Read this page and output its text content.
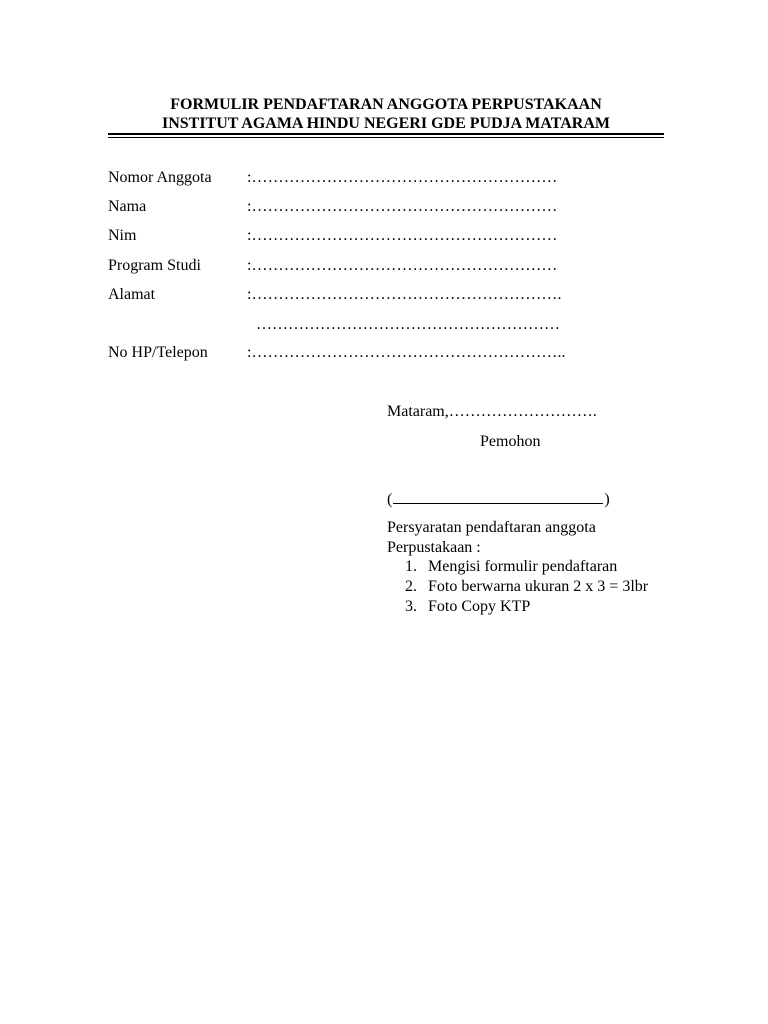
FORMULIR PENDAFTARAN ANGGOTA PERPUSTAKAAN
INSTITUT AGAMA HINDU NEGERI GDE PUDJA MATARAM
Nomor Anggota :…………………………………………………
Nama	:…………………………………………………
Nim	:…………………………………………………
Program Studi	:…………………………………………………
Alamat	:………………………………………………….
…………………………………………………
No HP/Telepon :…………………………………………………..
Mataram,……………………….
Pemohon
(	)
Persyaratan pendaftaran anggota Perpustakaan :
1. Mengisi formulir pendaftaran
2. Foto berwarna ukuran 2 x 3 = 3lbr
3. Foto Copy KTP
